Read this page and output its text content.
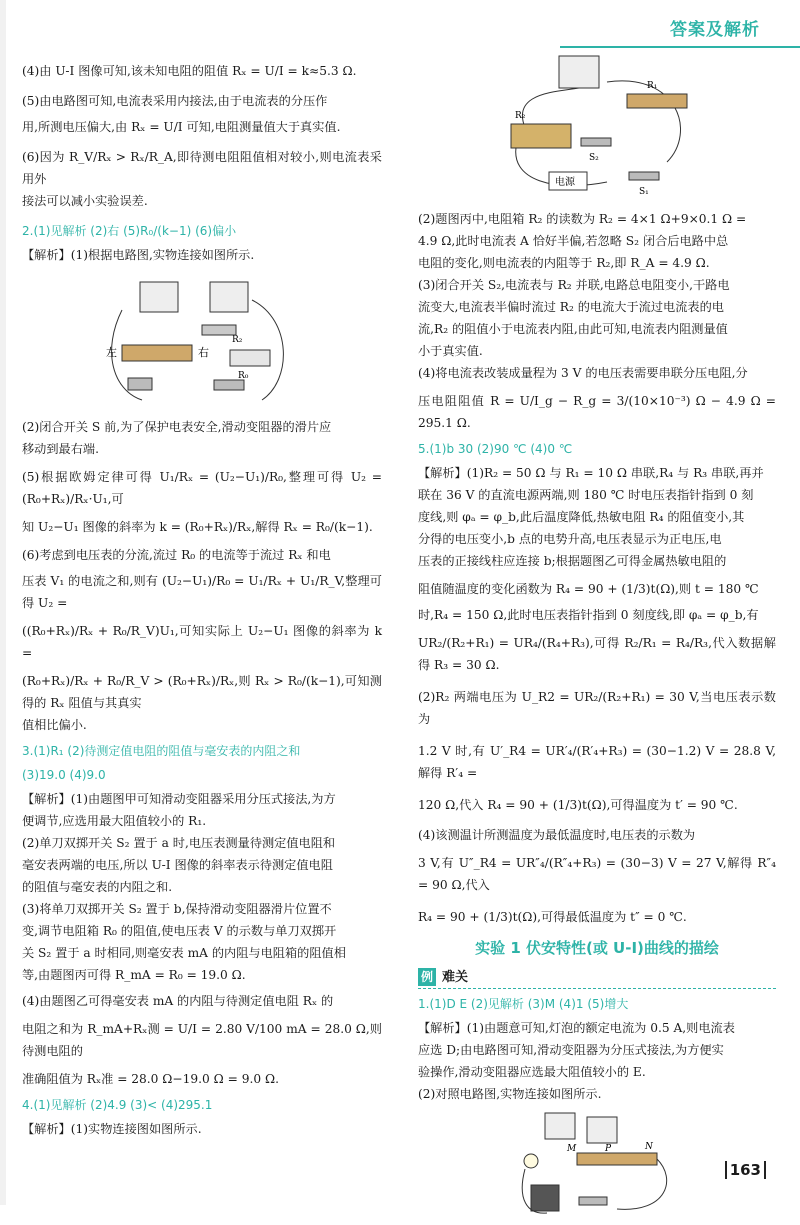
答案及解析

(4)由 U-I 图像可知,该未知电阻的阻值 Rₓ = U/I = k≈5.3 Ω.

(5)由电路图可知,电流表采用内接法,由于电流表的分压作

用,所测电压偏大,由 Rₓ = U/I 可知,电阻测量值大于真实值.

(6)因为 R_V/Rₓ > Rₓ/R_A,即待测电阻阻值相对较小,则电流表采用外

接法可以减小实验误差.

2.(1)见解析 (2)右 (5)R₀/(k−1) (6)偏小

【解析】(1)根据电路图,实物连接如图所示.

左	右
R₂
R₀

(2)闭合开关 S 前,为了保护电表安全,滑动变阻器的滑片应

移动到最右端.

(5)根据欧姆定律可得 U₁/Rₓ = (U₂−U₁)/R₀,整理可得 U₂ = (R₀+Rₓ)/Rₓ·U₁,可

知 U₂−U₁ 图像的斜率为 k = (R₀+Rₓ)/Rₓ,解得 Rₓ = R₀/(k−1).

(6)考虑到电压表的分流,流过 R₀ 的电流等于流过 Rₓ 和电

压表 V₁ 的电流之和,则有 (U₂−U₁)/R₀ = U₁/Rₓ + U₁/R_V,整理可得 U₂ =

((R₀+Rₓ)/Rₓ + R₀/R_V)U₁,可知实际上 U₂−U₁ 图像的斜率为 k =

(R₀+Rₓ)/Rₓ + R₀/R_V > (R₀+Rₓ)/Rₓ,则 Rₓ > R₀/(k−1),可知测得的 Rₓ 阻值与其真实

值相比偏小.

3.(1)R₁ (2)待测定值电阻的阻值与毫安表的内阻之和

(3)19.0 (4)9.0

【解析】(1)由题图甲可知滑动变阻器采用分压式接法,为方

便调节,应选用最大阻值较小的 R₁.

(2)单刀双掷开关 S₂ 置于 a 时,电压表测量待测定值电阻和

毫安表两端的电压,所以 U-I 图像的斜率表示待测定值电阻

的阻值与毫安表的内阻之和.

(3)将单刀双掷开关 S₂ 置于 b,保持滑动变阻器滑片位置不

变,调节电阻箱 R₀ 的阻值,使电压表 V 的示数与单刀双掷开

关 S₂ 置于 a 时相同,则毫安表 mA 的内阻与电阻箱的阻值相

等,由题图丙可得 R_mA = R₀ = 19.0 Ω.

(4)由题图乙可得毫安表 mA 的内阻与待测定值电阻 Rₓ 的

电阻之和为 R_mA+Rₓ测 = U/I = 2.80 V/100 mA = 28.0 Ω,则待测电阻的

准确阻值为 Rₓ准 = 28.0 Ω−19.0 Ω = 9.0 Ω.

4.(1)见解析 (2)4.9 (3)< (4)295.1

【解析】(1)实物连接图如图所示.

R₁
R₂
S₂
S₁
电源

(2)题图丙中,电阻箱 R₂ 的读数为 R₂ = 4×1 Ω+9×0.1 Ω =

4.9 Ω,此时电流表 A 恰好半偏,若忽略 S₂ 闭合后电路中总

电阻的变化,则电流表的内阻等于 R₂,即 R_A = 4.9 Ω.

(3)闭合开关 S₂,电流表与 R₂ 并联,电路总电阻变小,干路电

流变大,电流表半偏时流过 R₂ 的电流大于流过电流表的电

流,R₂ 的阻值小于电流表内阻,由此可知,电流表内阻测量值

小于真实值.

(4)将电流表改装成量程为 3 V 的电压表需要串联分压电阻,分

压电阻阻值 R = U/I_g − R_g = 3/(10×10⁻³) Ω − 4.9 Ω = 295.1 Ω.

5.(1)b 30 (2)90 ℃ (4)0 ℃

【解析】(1)R₂ = 50 Ω 与 R₁ = 10 Ω 串联,R₄ 与 R₃ 串联,再并

联在 36 V 的直流电源两端,则 180 ℃ 时电压表指针指到 0 刻

度线,则 φₐ = φ_b,此后温度降低,热敏电阻 R₄ 的阻值变小,其

分得的电压变小,b 点的电势升高,电压表显示为正电压,电

压表的正接线柱应连接 b;根据题图乙可得金属热敏电阻的

阻值随温度的变化函数为 R₄ = 90 + (1/3)t(Ω),则 t = 180 ℃

时,R₄ = 150 Ω,此时电压表指针指到 0 刻度线,即 φₐ = φ_b,有

UR₂/(R₂+R₁) = UR₄/(R₄+R₃),可得 R₂/R₁ = R₄/R₃,代入数据解得 R₃ = 30 Ω.

(2)R₂ 两端电压为 U_R2 = UR₂/(R₂+R₁) = 30 V,当电压表示数为

1.2 V 时,有 U′_R4 = UR′₄/(R′₄+R₃) = (30−1.2) V = 28.8 V,解得 R′₄ =

120 Ω,代入 R₄ = 90 + (1/3)t(Ω),可得温度为 t′ = 90 ℃.

(4)该测温计所测温度为最低温度时,电压表的示数为

3 V,有 U″_R4 = UR″₄/(R″₄+R₃) = (30−3) V = 27 V,解得 R″₄ = 90 Ω,代入

R₄ = 90 + (1/3)t(Ω),可得最低温度为 t″ = 0 ℃.

实验 1 伏安特性(或 U-I)曲线的描绘
例 难关

1.(1)D E (2)见解析 (3)M (4)1 (5)增大

【解析】(1)由题意可知,灯泡的额定电流为 0.5 A,则电流表

应选 D;由电路图可知,滑动变阻器为分压式接法,为方便实

验操作,滑动变阻器应选最大阻值较小的 E.

(2)对照电路图,实物连接如图所示.

M	P	N
163
